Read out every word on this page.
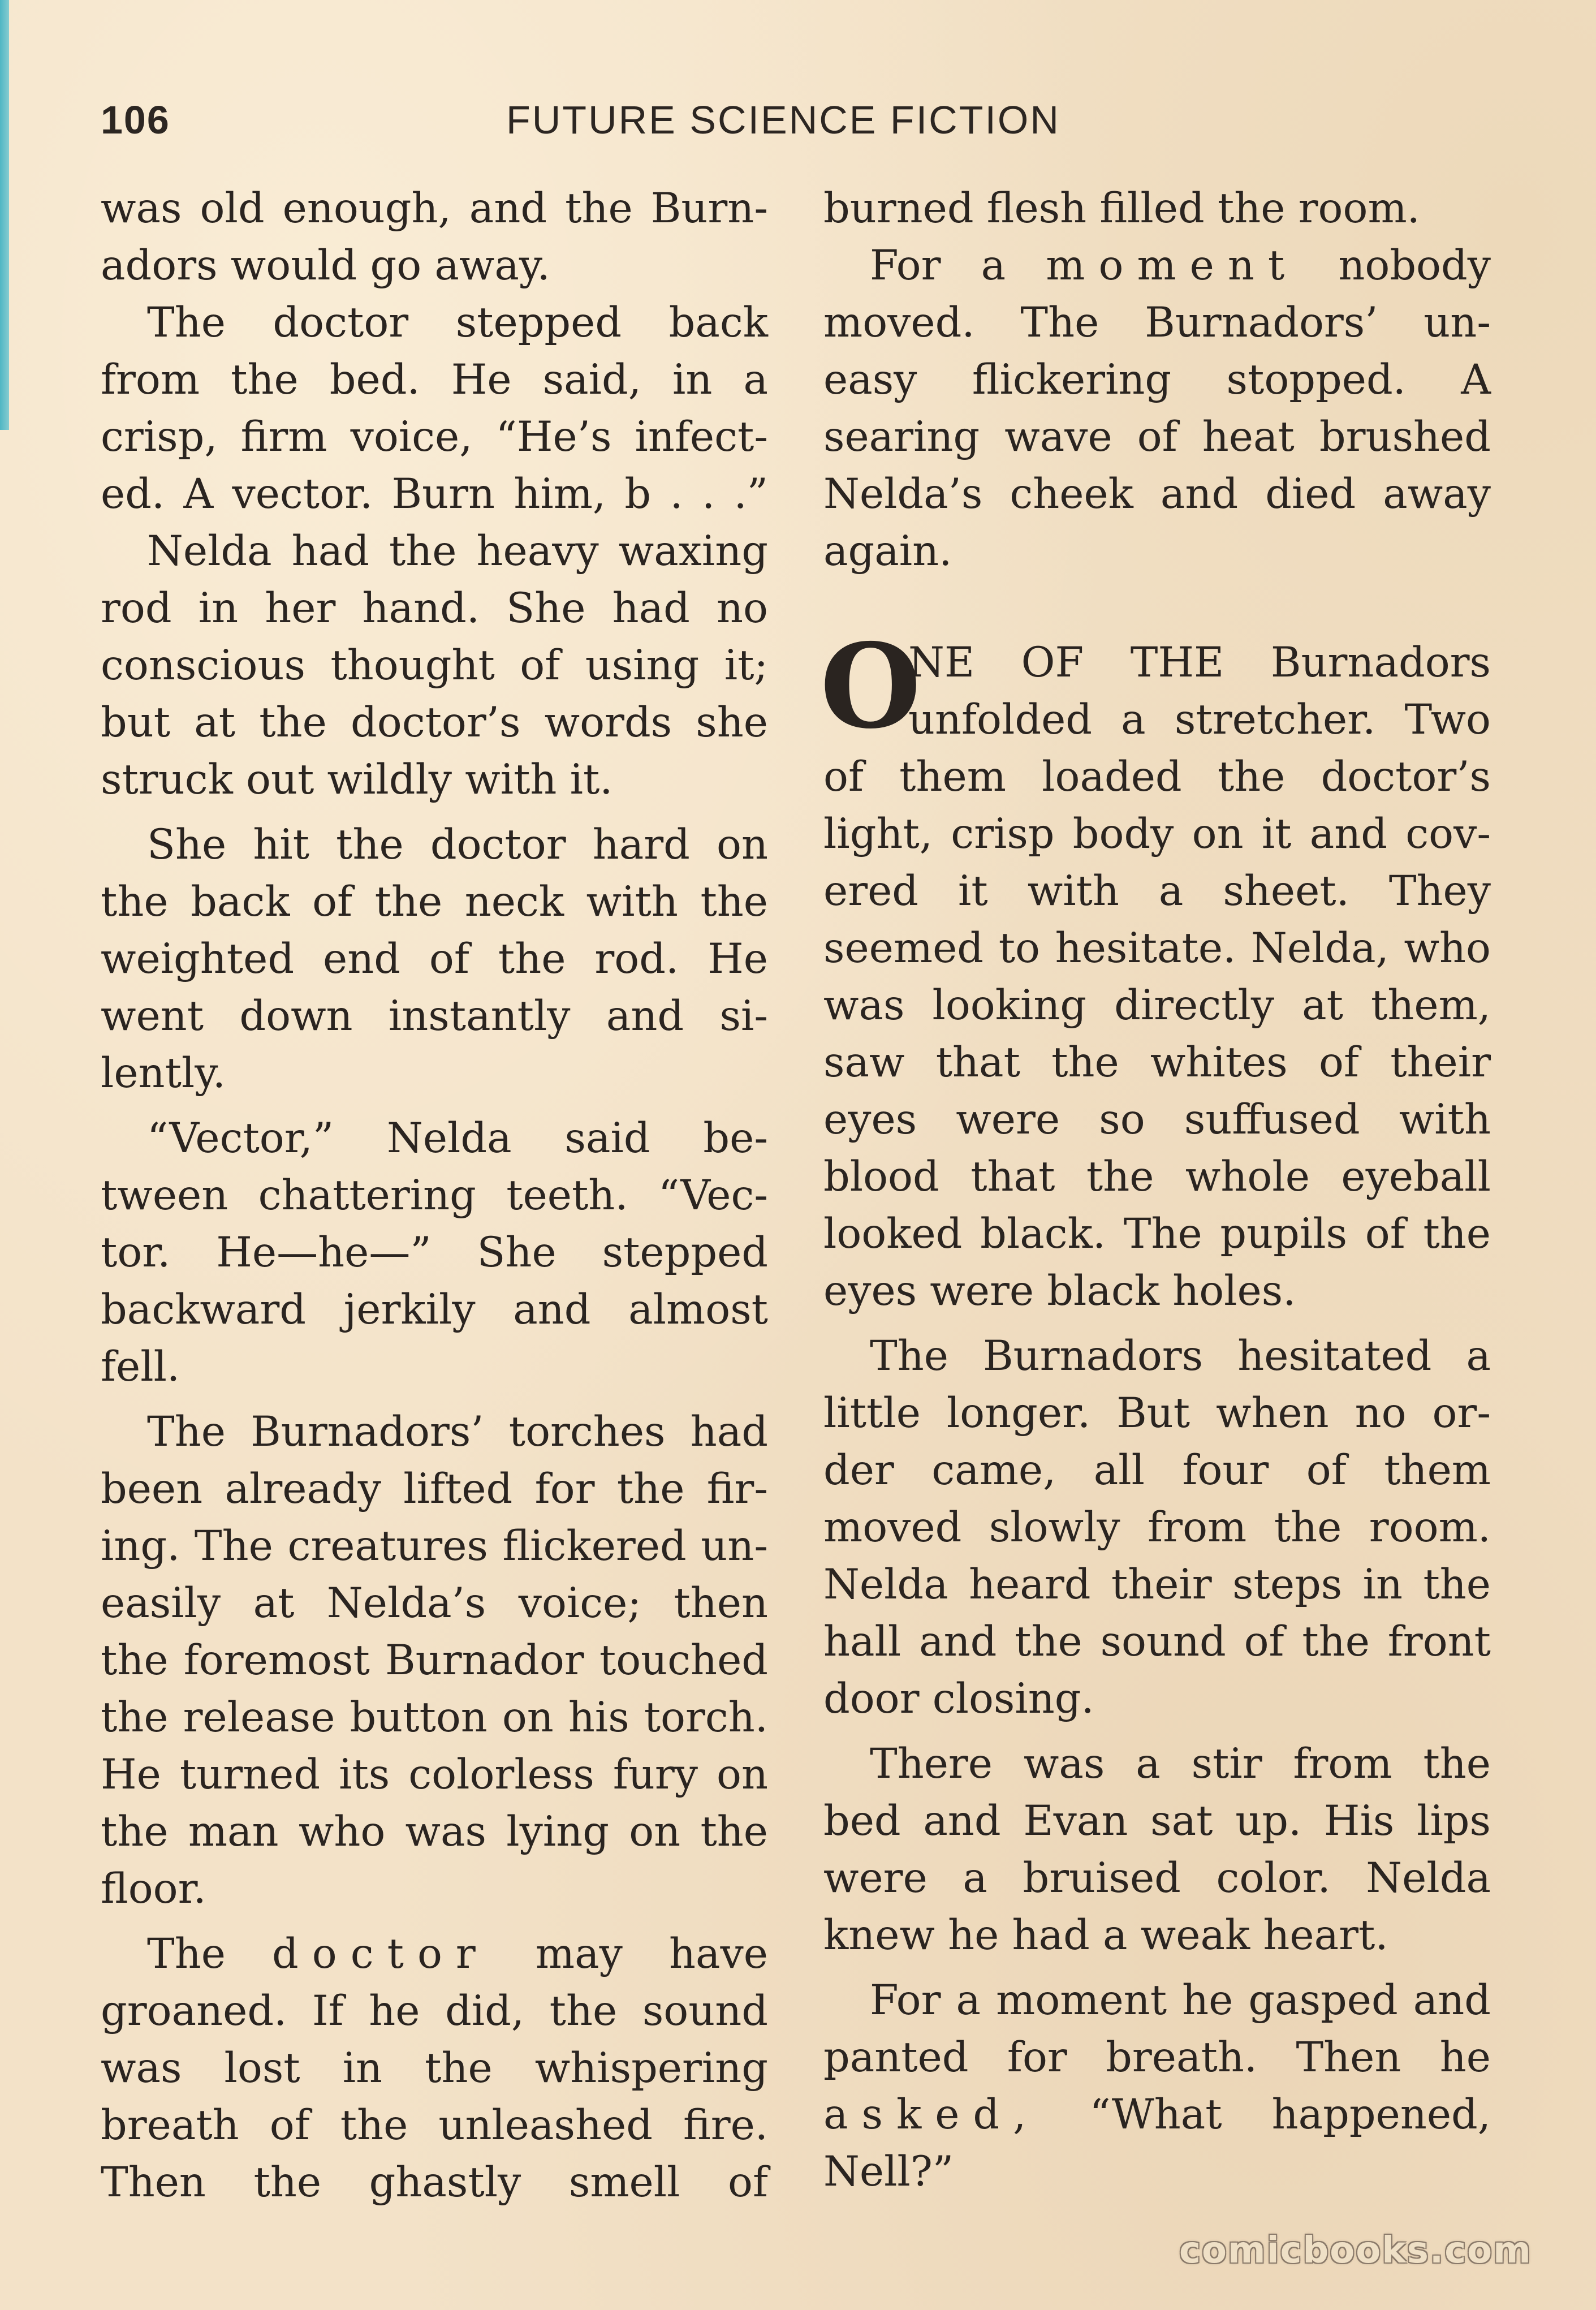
106	FUTURE SCIENCE FICTION
was old enough, and the Burn-
adors would go away.
The doctor stepped back
from the bed. He said, in a
crisp, firm voice, “He’s infect-
ed. A vector. Burn him, b . . .”
Nelda had the heavy waxing
rod in her hand. She had no
conscious thought of using it;
but at the doctor’s words she
struck out wildly with it.
She hit the doctor hard on
the back of the neck with the
weighted end of the rod. He
went down instantly and si-
lently.
“Vector,” Nelda said be-
tween chattering teeth. “Vec-
tor. He—he—” She stepped
backward jerkily and almost
fell.
The Burnadors’ torches had
been already lifted for the fir-
ing. The creatures flickered un-
easily at Nelda’s voice; then
the foremost Burnador touched
the release button on his torch.
He turned its colorless fury on
the man who was lying on the
floor.
The doctor may have
groaned. If he did, the sound
was lost in the whispering
breath of the unleashed fire.
Then the ghastly smell of
burned flesh filled the room.
For a moment nobody
moved. The Burnadors’ un-
easy flickering stopped. A
searing wave of heat brushed
Nelda’s cheek and died away
again.
O
NE OF THE Burnadors
unfolded a stretcher. Two
of them loaded the doctor’s
light, crisp body on it and cov-
ered it with a sheet. They
seemed to hesitate. Nelda, who
was looking directly at them,
saw that the whites of their
eyes were so suffused with
blood that the whole eyeball
looked black. The pupils of the
eyes were black holes.
The Burnadors hesitated a
little longer. But when no or-
der came, all four of them
moved slowly from the room.
Nelda heard their steps in the
hall and the sound of the front
door closing.
There was a stir from the
bed and Evan sat up. His lips
were a bruised color. Nelda
knew he had a weak heart.
For a moment he gasped and
panted for breath. Then he
asked, “What happened,
Nell?”
comicbooks.com
